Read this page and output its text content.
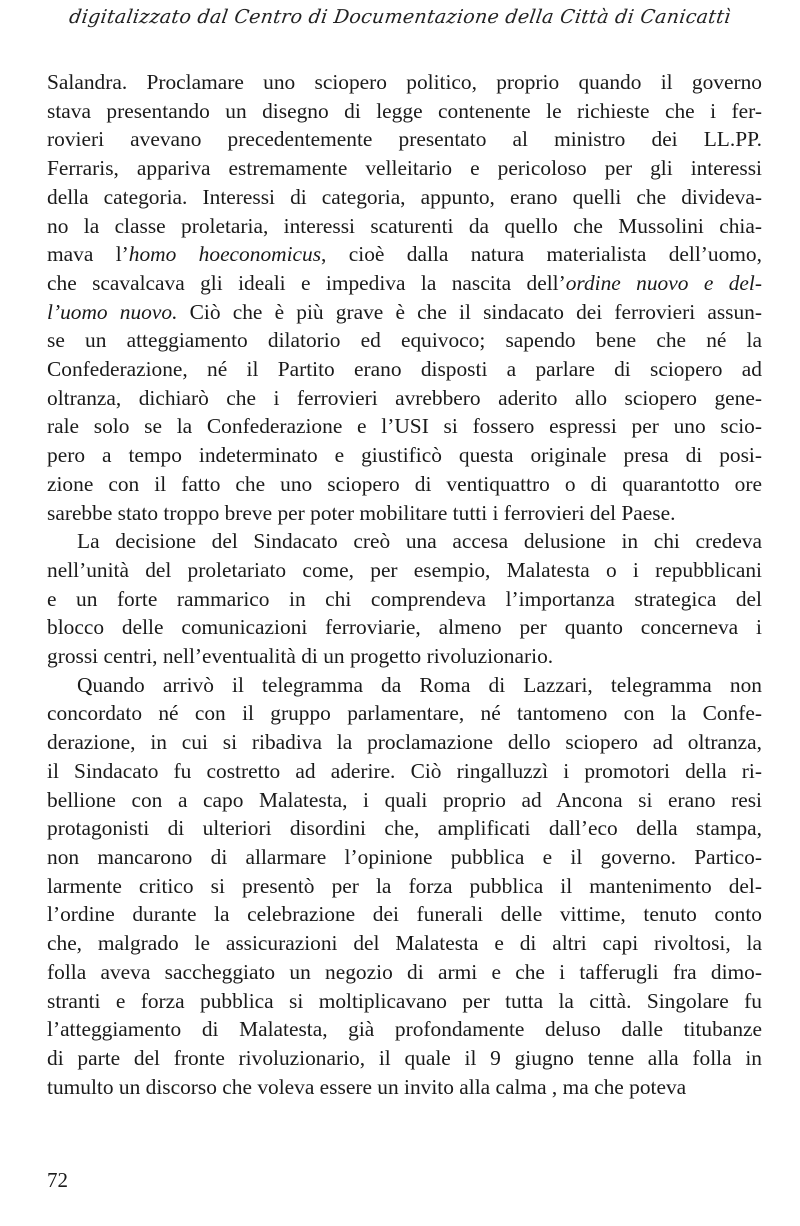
digitalizzato dal Centro di Documentazione della Città di Canicattì

Salandra. Proclamare uno sciopero politico, proprio quando il governo
stava presentando un disegno di legge contenente le richieste che i fer-
rovieri avevano precedentemente presentato al ministro dei LL.PP.
Ferraris, appariva estremamente velleitario e pericoloso per gli interessi
della categoria. Interessi di categoria, appunto, erano quelli che divideva-
no la classe proletaria, interessi scaturenti da quello che Mussolini chia-
mava l’homo hoeconomicus, cioè dalla natura materialista dell’uomo,
che scavalcava gli ideali e impediva la nascita dell’ordine nuovo e del-
l’uomo nuovo. Ciò che è più grave è che il sindacato dei ferrovieri assun-
se un atteggiamento dilatorio ed equivoco; sapendo bene che né la
Confederazione, né il Partito erano disposti a parlare di sciopero ad
oltranza, dichiarò che i ferrovieri avrebbero aderito allo sciopero gene-
rale solo se la Confederazione e l’USI si fossero espressi per uno scio-
pero a tempo indeterminato e giustificò questa originale presa di posi-
zione con il fatto che uno sciopero di ventiquattro o di quarantotto ore
sarebbe stato troppo breve per poter mobilitare tutti i ferrovieri del Paese.

La decisione del Sindacato creò una accesa delusione in chi credeva
nell’unità del proletariato come, per esempio, Malatesta o i repubblicani
e un forte rammarico in chi comprendeva l’importanza strategica del
blocco delle comunicazioni ferroviarie, almeno per quanto concerneva i
grossi centri, nell’eventualità di un progetto rivoluzionario.

Quando arrivò il telegramma da Roma di Lazzari, telegramma non
concordato né con il gruppo parlamentare, né tantomeno con la Confe-
derazione, in cui si ribadiva la proclamazione dello sciopero ad oltranza,
il Sindacato fu costretto ad aderire. Ciò ringalluzzì i promotori della ri-
bellione con a capo Malatesta, i quali proprio ad Ancona si erano resi
protagonisti di ulteriori disordini che, amplificati dall’eco della stampa,
non mancarono di allarmare l’opinione pubblica e il governo. Partico-
larmente critico si presentò per la forza pubblica il mantenimento del-
l’ordine durante la celebrazione dei funerali delle vittime, tenuto conto
che, malgrado le assicurazioni del Malatesta e di altri capi rivoltosi, la
folla aveva saccheggiato un negozio di armi e che i tafferugli fra dimo-
stranti e forza pubblica si moltiplicavano per tutta la città. Singolare fu
l’atteggiamento di Malatesta, già profondamente deluso dalle titubanze
di parte del fronte rivoluzionario, il quale il 9 giugno tenne alla folla in
tumulto un discorso che voleva essere un invito alla calma , ma che poteva

72
